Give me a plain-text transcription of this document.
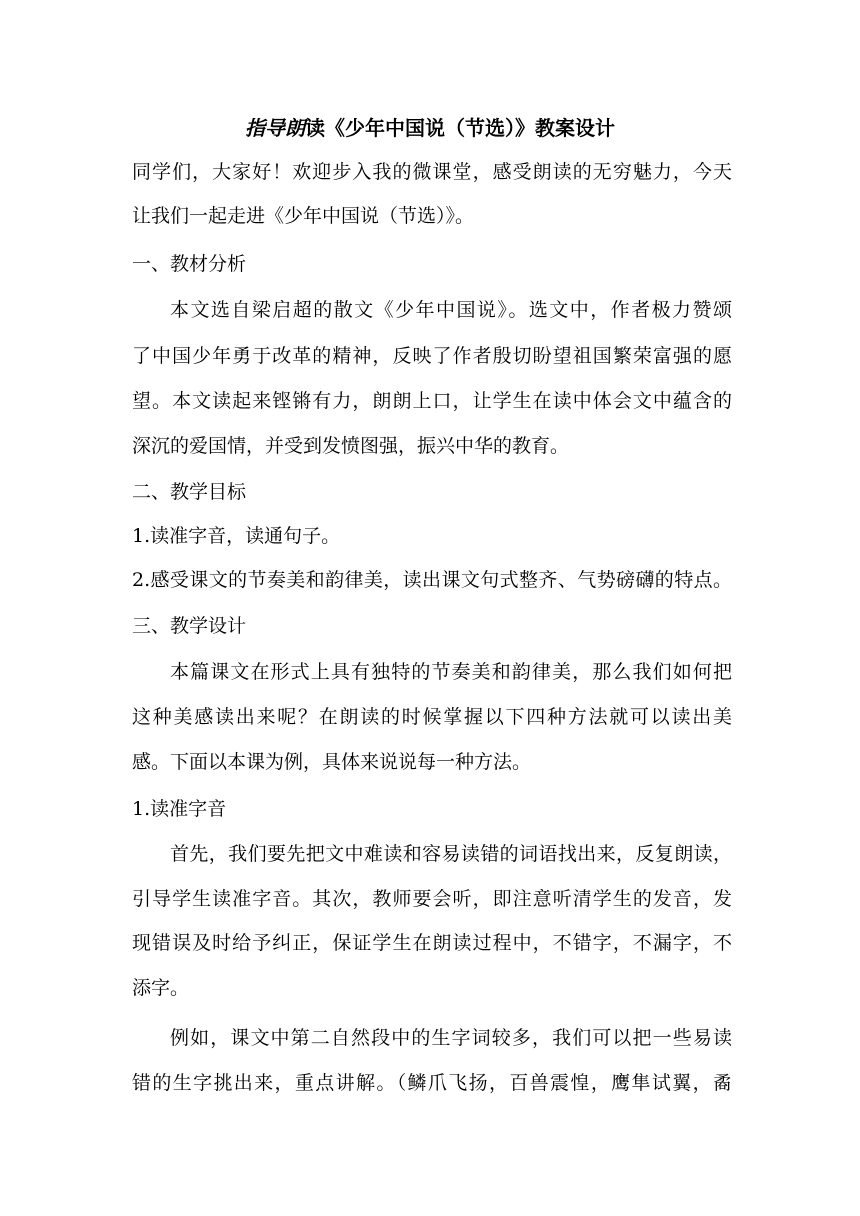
指导朗读《少年中国说（节选）》教案设计
同学们，大家好！欢迎步入我的微课堂，感受朗读的无穷魅力，今天
让我们一起走进《少年中国说（节选）》。
一、教材分析
本文选自梁启超的散文《少年中国说》。选文中，作者极力赞颂
了中国少年勇于改革的精神，反映了作者殷切盼望祖国繁荣富强的愿
望。本文读起来铿锵有力，朗朗上口，让学生在读中体会文中蕴含的
深沉的爱国情，并受到发愤图强，振兴中华的教育。
二、教学目标
1.读准字音，读通句子。
2.感受课文的节奏美和韵律美，读出课文句式整齐、气势磅礴的特点。
三、教学设计
本篇课文在形式上具有独特的节奏美和韵律美，那么我们如何把
这种美感读出来呢？在朗读的时候掌握以下四种方法就可以读出美
感。下面以本课为例，具体来说说每一种方法。
1.读准字音
首先，我们要先把文中难读和容易读错的词语找出来，反复朗读，
引导学生读准字音。其次，教师要会听，即注意听清学生的发音，发
现错误及时给予纠正，保证学生在朗读过程中，不错字，不漏字，不
添字。
例如，课文中第二自然段中的生字词较多，我们可以把一些易读
错的生字挑出来，重点讲解。（鳞爪飞扬，百兽震惶，鹰隼试翼，矞
